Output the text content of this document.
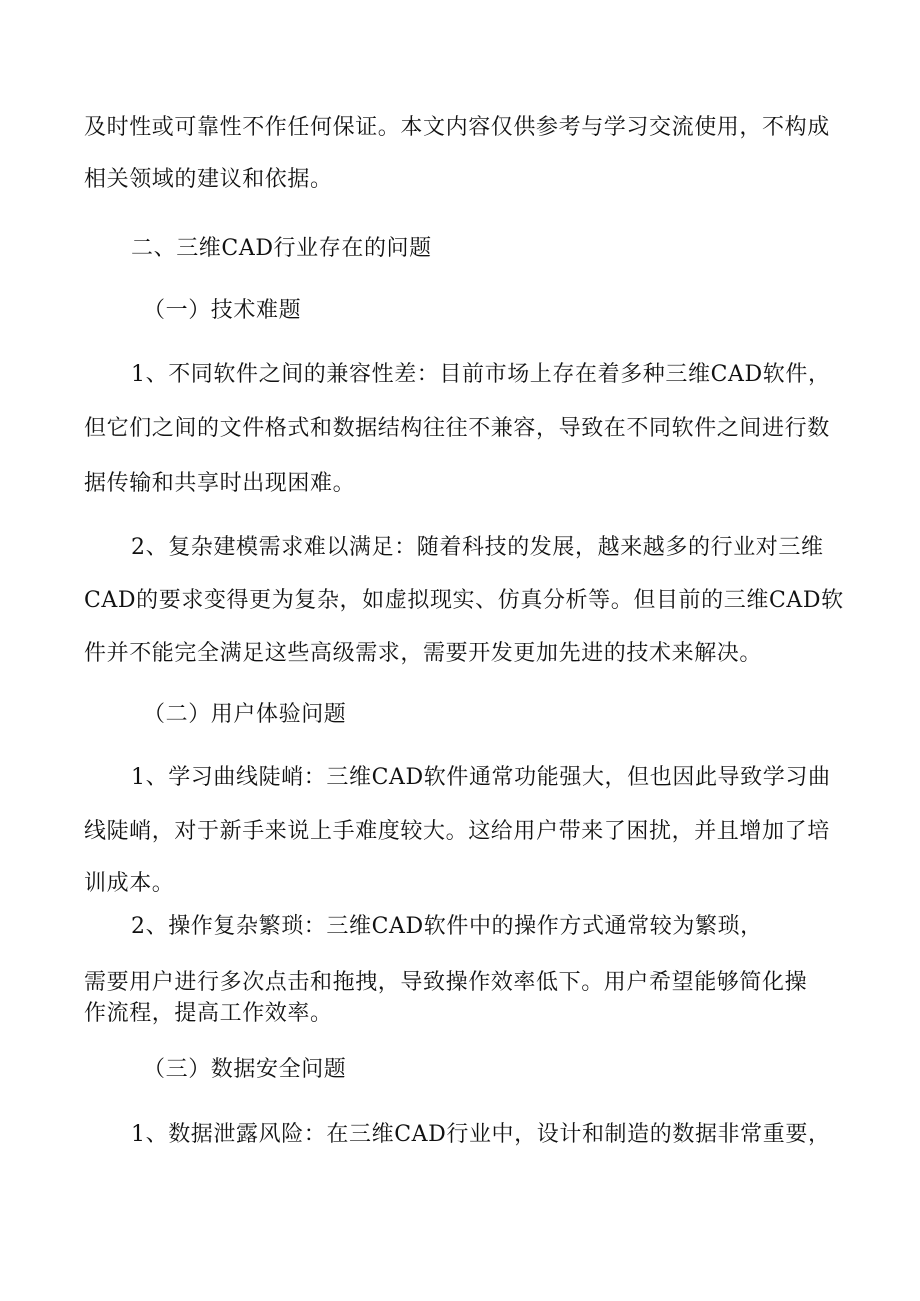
及时性或可靠性不作任何保证。本文内容仅供参考与学习交流使用，不构成
相关领域的建议和依据。
二、三维CAD行业存在的问题
（一）技术难题
1、不同软件之间的兼容性差：目前市场上存在着多种三维CAD软件，
但它们之间的文件格式和数据结构往往不兼容，导致在不同软件之间进行数
据传输和共享时出现困难。
2、复杂建模需求难以满足：随着科技的发展，越来越多的行业对三维
CAD的要求变得更为复杂，如虚拟现实、仿真分析等。但目前的三维CAD软
件并不能完全满足这些高级需求，需要开发更加先进的技术来解决。
（二）用户体验问题
1、学习曲线陡峭：三维CAD软件通常功能强大，但也因此导致学习曲
线陡峭，对于新手来说上手难度较大。这给用户带来了困扰，并且增加了培
训成本。
2、操作复杂繁琐：三维CAD软件中的操作方式通常较为繁琐，
需要用户进行多次点击和拖拽，导致操作效率低下。用户希望能够简化操
作流程，提高工作效率。
（三）数据安全问题
1、数据泄露风险：在三维CAD行业中，设计和制造的数据非常重要，
